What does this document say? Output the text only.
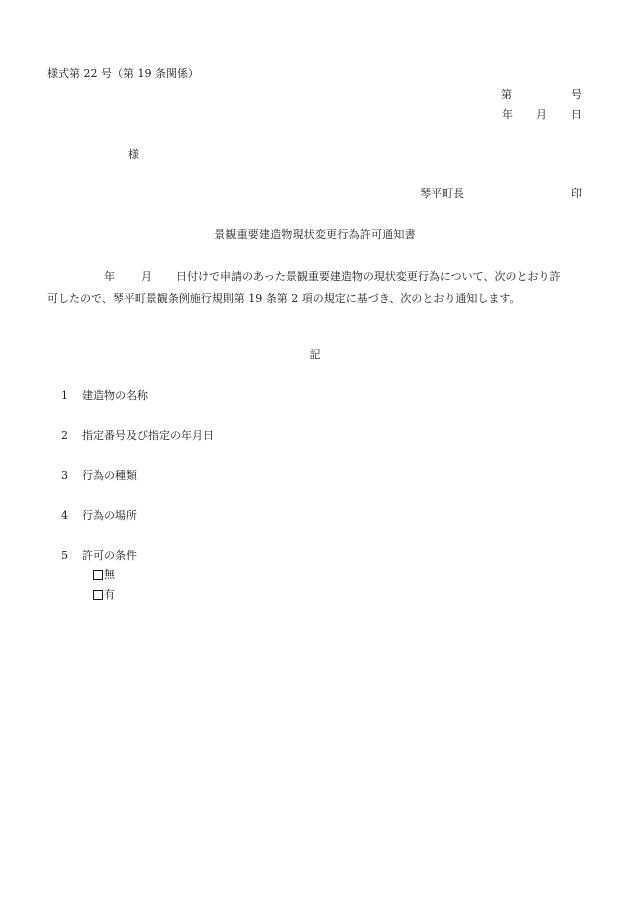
様式第 22 号（第 19 条関係）
第	号
年 月 日
様
琴平町長	印
景観重要建造物現状変更行為許可通知書
年 月 日付けで申請のあった景観重要建造物の現状変更行為について、次のとおり許
可したので、琴平町景観条例施行規則第 19 条第 2 項の規定に基づき、次のとおり通知します。
記
1 建造物の名称
2 指定番号及び指定の年月日
3 行為の種類
4 行為の場所
5 許可の条件
無
有
